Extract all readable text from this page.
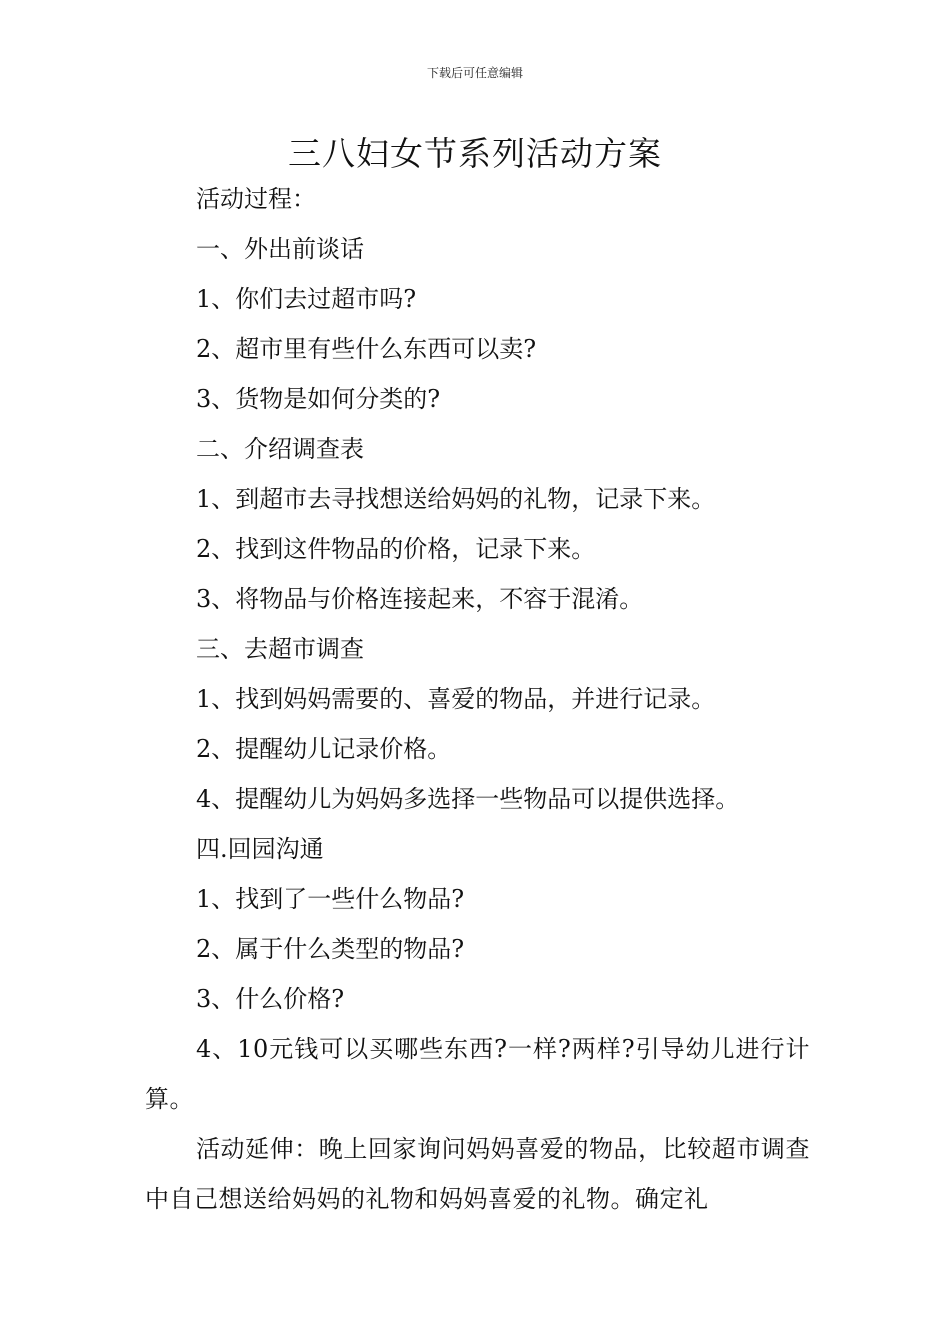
下载后可任意编辑
三八妇女节系列活动方案

活动过程：

一、外出前谈话

1、你们去过超市吗?

2、超市里有些什么东西可以卖?

3、货物是如何分类的?

二、介绍调查表

1、到超市去寻找想送给妈妈的礼物，记录下来。

2、找到这件物品的价格，记录下来。

3、将物品与价格连接起来，不容于混淆。

三、去超市调查

1、找到妈妈需要的、喜爱的物品，并进行记录。

2、提醒幼儿记录价格。

4、提醒幼儿为妈妈多选择一些物品可以提供选择。

四.回园沟通

1、找到了一些什么物品?

2、属于什么类型的物品?

3、什么价格?

4、10元钱可以买哪些东西?一样?两样?引导幼儿进行计算。

活动延伸：晚上回家询问妈妈喜爱的物品，比较超市调查中自己想送给妈妈的礼物和妈妈喜爱的礼物。确定礼
